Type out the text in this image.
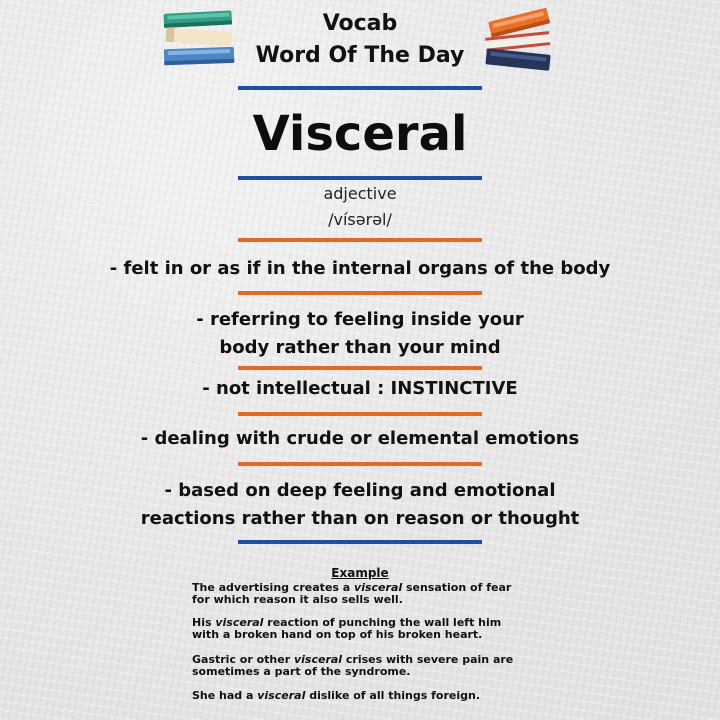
Vocab
Word Of The Day
Visceral
adjective
/vísərəl/
- felt in or as if in the internal organs of the body
- referring to feeling inside your
body rather than your mind
- not intellectual : INSTINCTIVE
- dealing with crude or elemental emotions
- based on deep feeling and emotional
reactions rather than on reason or thought
Example
The advertising creates a visceral sensation of fear
for which reason it also sells well.
His visceral reaction of punching the wall left him
with a broken hand on top of his broken heart.
Gastric or other visceral crises with severe pain are
sometimes a part of the syndrome.
She had a visceral dislike of all things foreign.
